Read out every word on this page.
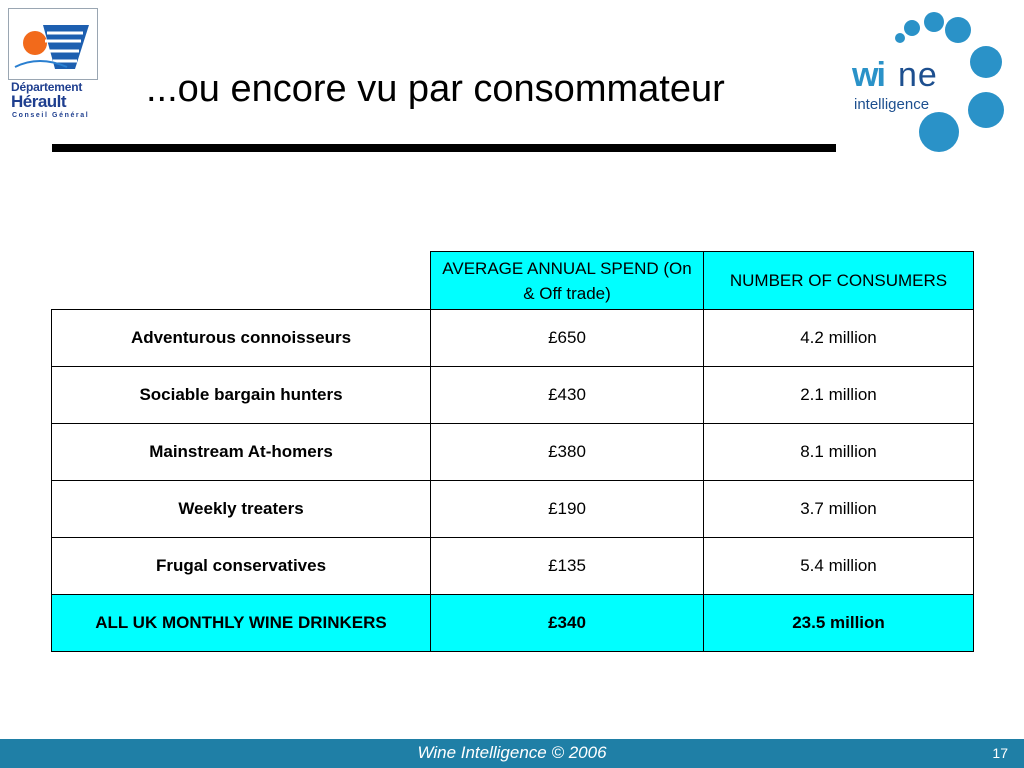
Département
Hérault
Conseil Général
...ou encore vu par consommateur	wi ne
intelligence
	AVERAGE ANNUAL SPEND (On & Off trade)	NUMBER OF CONSUMERS
Adventurous connoisseurs	£650	4.2 million
Sociable bargain hunters	£430	2.1 million
Mainstream At-homers	£380	8.1 million
Weekly treaters	£190	3.7 million
Frugal conservatives	£135	5.4 million
ALL UK MONTHLY WINE DRINKERS	£340	23.5 million
Wine Intelligence © 2006	17
